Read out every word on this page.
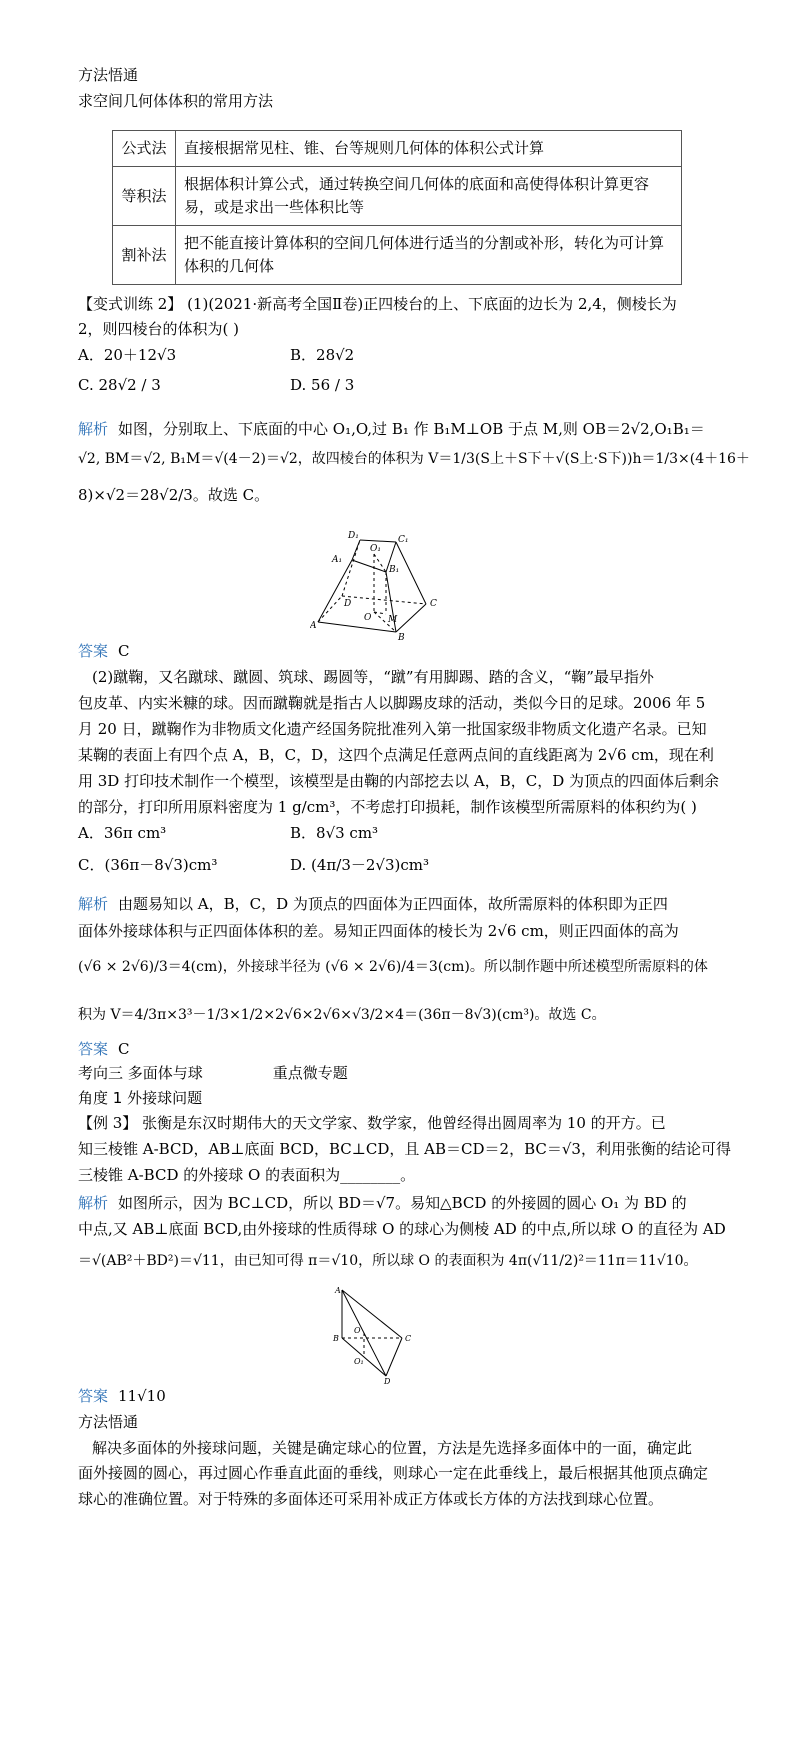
方法悟通
求空间几何体体积的常用方法
公式法	直接根据常见柱、锥、台等规则几何体的体积公式计算
等积法	根据体积计算公式，通过转换空间几何体的底面和高使得体积计算更容易，或是求出一些体积比等
割补法	把不能直接计算体积的空间几何体进行适当的分割或补形，转化为可计算体积的几何体
【变式训练 2】 (1)(2021·新高考全国Ⅱ卷)正四棱台的上、下底面的边长为 2,4，侧棱长为
2，则四棱台的体积为( )
A．20＋12√3	B．28√2
C. 28√2 / 3	D. 56 / 3
解析 如图，分别取上、下底面的中心 O₁,O,过 B₁ 作 B₁M⊥OB 于点 M,则 OB＝2√2,O₁B₁＝
√2, BM＝√2, B₁M＝√(4－2)＝√2，故四棱台的体积为 V＝1/3(S上＋S下＋√(S上·S下))h＝1/3×(4＋16＋
8)×√2＝28√2/3。故选 C。
D₁	C₁
A₁
O₁
B₁
D	C
O M
A
B
答案 C
(2)蹴鞠，又名蹴球、蹴圆、筑球、踢圆等，“蹴”有用脚踢、踏的含义，“鞠”最早指外
包皮革、内实米糠的球。因而蹴鞠就是指古人以脚踢皮球的活动，类似今日的足球。2006 年 5
月 20 日，蹴鞠作为非物质文化遗产经国务院批准列入第一批国家级非物质文化遗产名录。已知
某鞠的表面上有四个点 A，B，C，D，这四个点满足任意两点间的直线距离为 2√6 cm，现在利
用 3D 打印技术制作一个模型，该模型是由鞠的内部挖去以 A，B，C，D 为顶点的四面体后剩余
的部分，打印所用原料密度为 1 g/cm³，不考虑打印损耗，制作该模型所需原料的体积约为( )
A．36π cm³	B．8√3 cm³
C．(36π－8√3)cm³	D. (4π/3－2√3)cm³
解析 由题易知以 A，B，C，D 为顶点的四面体为正四面体，故所需原料的体积即为正四
面体外接球体积与正四面体体积的差。易知正四面体的棱长为 2√6 cm，则正四面体的高为
(√6 × 2√6)/3＝4(cm)，外接球半径为 (√6 × 2√6)/4＝3(cm)。所以制作题中所述模型所需原料的体
积为 V＝4/3π×3³－1/3×1/2×2√6×2√6×√3/2×4＝(36π－8√3)(cm³)。故选 C。
答案 C
考向三 多面体与球	重点微专题
角度 1 外接球问题
【例 3】 张衡是东汉时期伟大的天文学家、数学家，他曾经得出圆周率为 10 的开方。已
知三棱锥 A-BCD，AB⊥底面 BCD，BC⊥CD，且 AB＝CD＝2，BC＝√3，利用张衡的结论可得
三棱锥 A-BCD 的外接球 O 的表面积为________。
解析 如图所示，因为 BC⊥CD，所以 BD＝√7。易知△BCD 的外接圆的圆心 O₁ 为 BD 的
中点,又 AB⊥底面 BCD,由外接球的性质得球 O 的球心为侧棱 AD 的中点,所以球 O 的直径为 AD
＝√(AB²＋BD²)＝√11，由已知可得 π＝√10，所以球 O 的表面积为 4π(√11/2)²＝11π＝11√10。
A
O
B	C
O₁
D
答案 11√10
方法悟通
解决多面体的外接球问题，关键是确定球心的位置，方法是先选择多面体中的一面，确定此
面外接圆的圆心，再过圆心作垂直此面的垂线，则球心一定在此垂线上，最后根据其他顶点确定
球心的准确位置。对于特殊的多面体还可采用补成正方体或长方体的方法找到球心位置。
